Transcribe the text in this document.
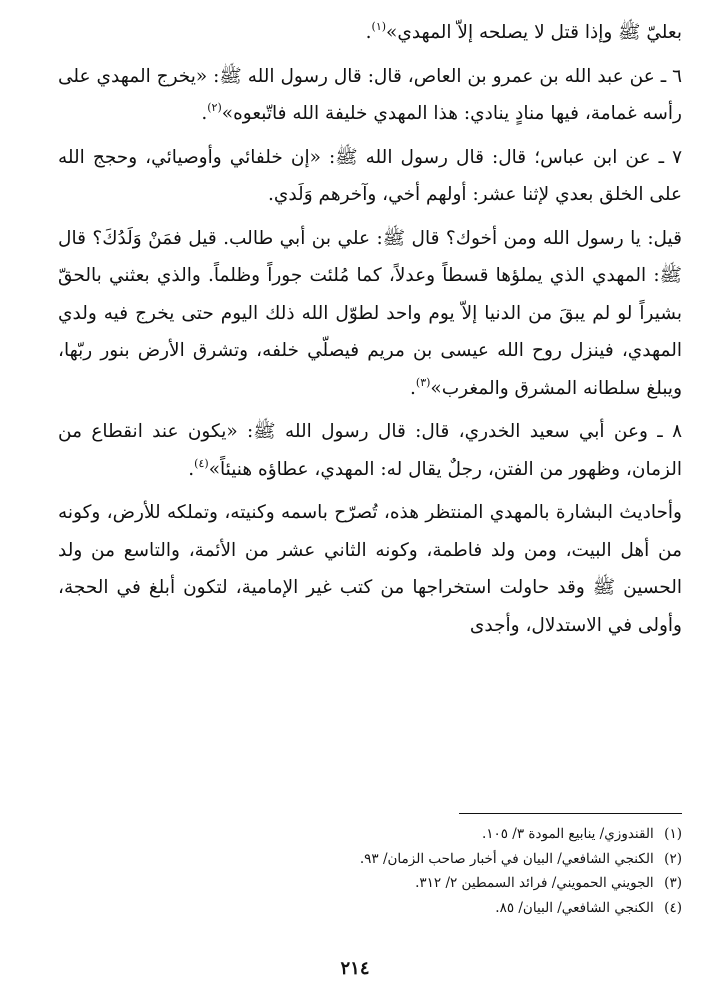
بعليّ ﷺ وإذا قتل لا يصلحه إلاّ المهدي»$^{(١)}$.

٦ ـ عن عبد الله بن عمرو بن العاص، قال: قال رسول الله ﷺ: «يخرج المهدي على رأسه غمامة، فيها منادٍ ينادي: هذا المهدي خليفة الله فاتّبعوه»$^{(٢)}$.

٧ ـ عن ابن عباس؛ قال: قال رسول الله ﷺ: «إن خلفائي وأوصيائي، وحجج الله على الخلق بعدي لإثنا عشر: أولهم أخي، وآخرهم وَلَدي.

قيل: يا رسول الله ومن أخوك؟ قال ﷺ: علي بن أبي طالب. قيل فمَنْ وَلَدُكَ؟ قال ﷺ: المهدي الذي يملؤها قسطاً وعدلاً، كما مُلئت جوراً وظلماً. والذي بعثني بالحقّ بشيراً لو لم يبقَ من الدنيا إلاّ يوم واحد لطوّل الله ذلك اليوم حتى يخرج فيه ولدي المهدي، فينزل روح الله عيسى بن مريم فيصلّي خلفه، وتشرق الأرض بنور ربّها، ويبلغ سلطانه المشرق والمغرب»$^{(٣)}$.

٨ ـ وعن أبي سعيد الخدري، قال: قال رسول الله ﷺ: «يكون عند انقطاع من الزمان، وظهور من الفتن، رجلٌ يقال له: المهدي، عطاؤه هنيئاً»$^{(٤)}$.

وأحاديث البشارة بالمهدي المنتظر هذه، تُصرّح باسمه وكنيته، وتملكه للأرض، وكونه من أهل البيت، ومن ولد فاطمة، وكونه الثاني عشر من الأئمة، والتاسع من ولد الحسين ﷺ وقد حاولت استخراجها من كتب غير الإمامية، لتكون أبلغ في الحجة، وأولى في الاستدلال، وأجدى

(١) القندوزي/ ينابيع المودة ٣/ ١٠٥.
(٢) الكنجي الشافعي/ البيان في أخبار صاحب الزمان/ ٩٣.
(٣) الجويني الحمويني/ فرائد السمطين ٢/ ٣١٢.
(٤) الكنجي الشافعي/ البيان/ ٨٥.
٢١٤
